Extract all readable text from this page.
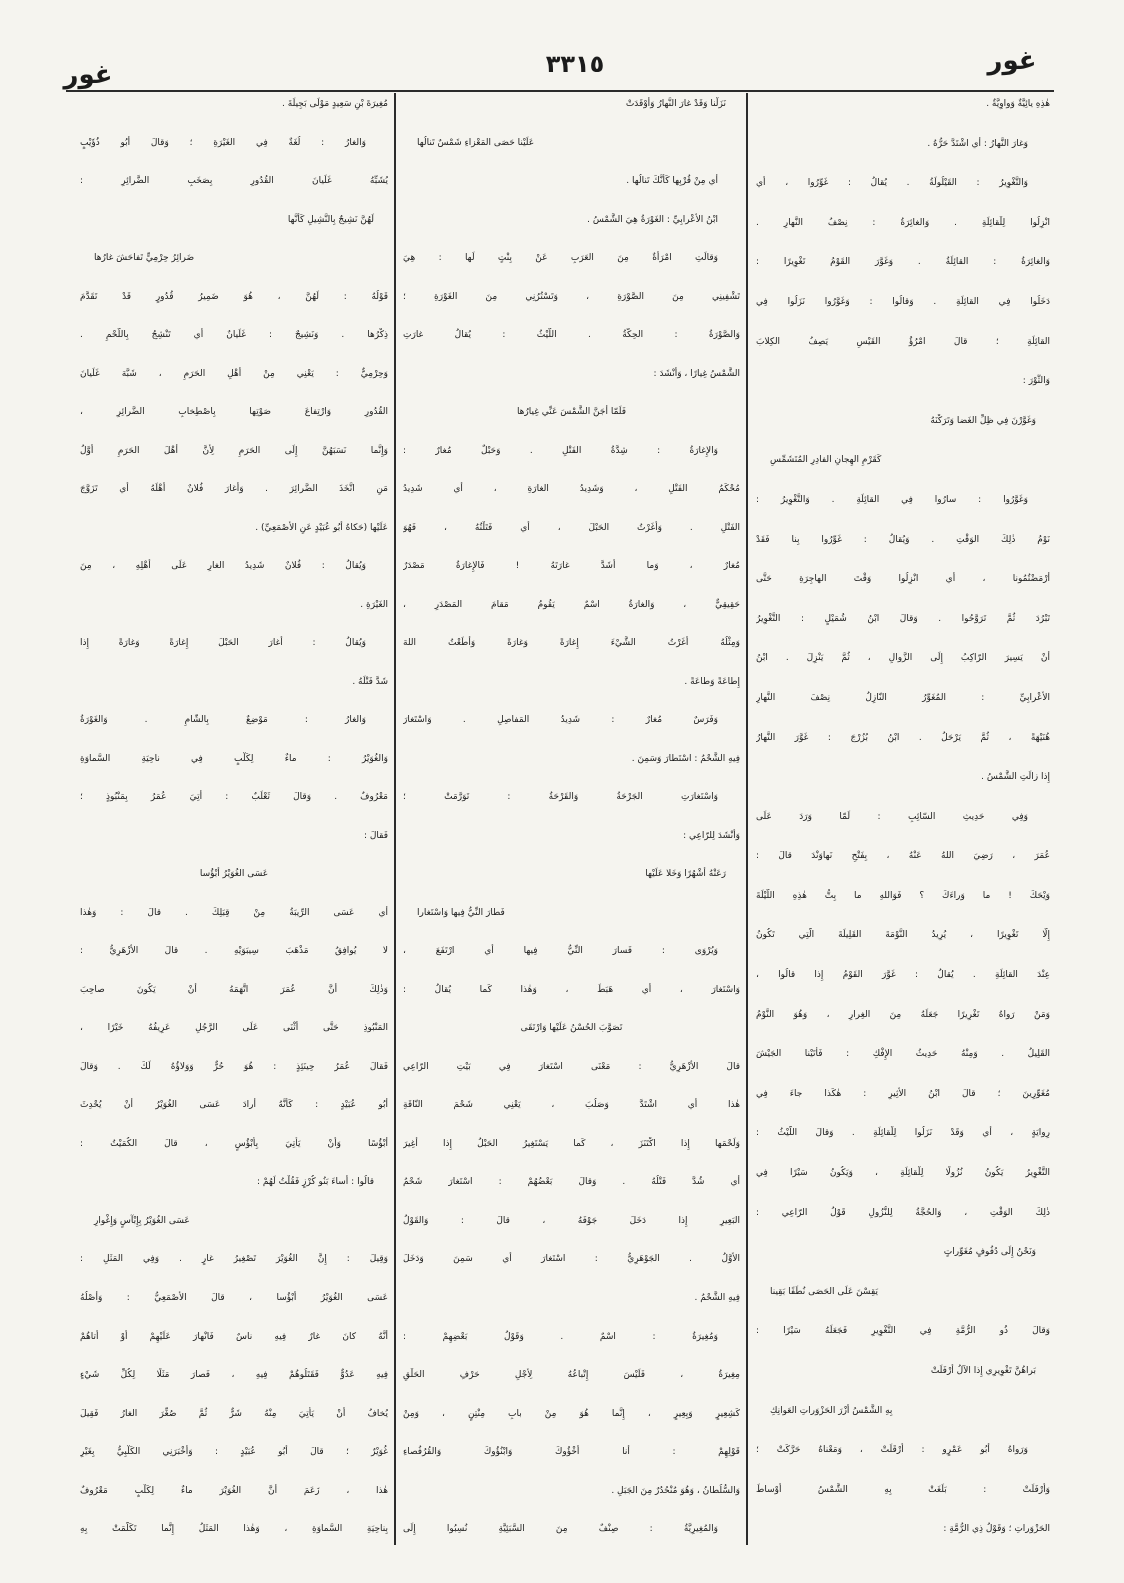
غور
٣٣١٥
غور
هٰذِهِ يائِيَّةٌ وَواوِيَّةٌ .
وَغارَ النَّهارُ : أَي اشْتَدَّ حَرُّهُ .
وَالتَّغْوِيرُ : القَيْلُولَةُ . يُقالُ : غَوِّرُوا ، أَي
انْزِلُوا لِلْقائِلَةِ . وَالغائِرَةُ : نِصْفُ النَّهارِ .
وَالغائِرَةُ : القائِلَةُ . وَغَوَّرَ القَوْمُ تَغْوِيرًا :
دَخَلُوا فِي القائِلَةِ . وَقالُوا : وَغَوَّرُوا نَزَلُوا فِي
القائِلَةِ ؛ قالَ امْرُؤُ القَيْسِ يَصِفُ الكِلابَ
وَالثَّوْرَ :
وَغَوَّرْنَ فِي ظِلِّ الغَضا وَتَرَكْنَهُ
كَقَرْمِ الهِجانِ الفادِرِ المُتَشَمِّسِ
وَغَوَّرُوا : سارُوا فِي القائِلَةِ . وَالتَّغْوِيرُ :
نَوْمُ ذٰلِكَ الوَقْتِ . وَيُقالُ : غَوِّرُوا بِنا فَقَدْ
أَرْمَضْتُمُونا ، أَي انْزِلُوا وَقْتَ الهاجِرَةِ حَتَّى
تَبْرُدَ ثُمَّ تَرَوَّحُوا . وَقالَ ابْنُ شُمَيْلٍ : التَّغْوِيرُ
أَنْ يَسِيرَ الرّاكِبُ إِلَى الزَّوالِ ، ثُمَّ يَنْزِلَ . ابْنُ
الأَعْرابِيِّ : المُغَوِّرُ النّازِلُ نِصْفَ النَّهارِ
هُنَيْهَةً ، ثُمَّ يَرْحَلُ . ابْنُ بُزُرْجَ : غَوَّرَ النَّهارُ
إِذا زالَتِ الشَّمْسُ .
وَفِي حَدِيثِ السّائِبِ : لَمّا وَرَدَ عَلَى
عُمَرَ ، رَضِيَ اللهُ عَنْهُ ، بِفَتْحِ نَهاوَنْدَ قالَ :
وَيْحَكَ ! ما وَراءَكَ ؟ فَوَاللهِ ما بِتُّ هٰذِهِ اللَّيْلَةَ
إِلّا تَغْوِيرًا ، يُرِيدُ النَّوْمَةَ القَلِيلَةَ الَّتِي تَكُونُ
عِنْدَ القائِلَةِ . يُقالُ : غَوَّرَ القَوْمُ إِذا قالُوا ،
وَمَنْ رَواهُ تَغْرِيرًا جَعَلَهُ مِنَ الغِرارِ ، وَهُوَ النَّوْمُ
القَلِيلُ . وَمِنْهُ حَدِيثُ الإِفْكِ : فَأَتَيْنا الجَيْشَ
مُغَوِّرِينَ ؛ قالَ ابْنُ الأَثِيرِ : هٰكَذا جاءَ فِي
رِوايَةٍ ، أَي وَقَدْ نَزَلُوا لِلْقائِلَةِ . وَقالَ اللَّيْثُ :
التَّغْوِيرُ يَكُونُ نُزُولًا لِلْقائِلَةِ ، وَيَكُونُ سَيْرًا فِي
ذٰلِكَ الوَقْتِ ، وَالحُجَّةُ لِلنُّزُولِ قَوْلُ الرّاعِي :
وَنَحْنُ إِلَى دُفُوفٍ مُغَوِّراتٍ
يَقِسْنَ عَلَى الحَصَى نُطَفًا بَقِينا
وَقالَ ذُو الرُّمَّةِ فِي التَّغْوِيرِ فَجَعَلَهُ سَيْرًا :
بَراهُنَّ تَغْوِيرِي إِذا الآلُ أَرْفَلَتْ
بِهِ الشَّمْسُ أُزْرَ الحَزْوَراتِ العَوانِكِ
وَرَواهُ أَبُو عَمْرٍو : أَرْقَلَتْ ، وَمَعْناهُ حَرَّكَتْ ؛
وَأَرْفَلَتْ : بَلَغَتْ بِهِ الشَّمْسُ أَوْساطَ
الحَزْوَراتِ ؛ وَقَوْلُ ذِي الرُّمَّةِ :
نَزَلْنا وَقَدْ غارَ النَّهارُ وَأَوْقَدَتْ
عَلَيْنا حَصَى المَعْزاءِ شَمْسٌ تَنالُها
أَي مِنْ قُرْبِها كَأَنَّكَ تَنالُها .
ابْنُ الأَعْرابِيِّ : الغَوْرَةُ هِيَ الشَّمْسُ .
وَقالَتِ امْرَأَةٌ مِنَ العَرَبِ عَنْ بِنْتٍ لَها : هِيَ
تَشْفِينِي مِنَ الصَّوْرَةِ ، وَتَسْتُرُنِي مِنَ الغَوْرَةِ ؛
وَالصَّوْرَةُ : الحِكَّةُ . اللَّيْثُ : يُقالُ غارَتِ
الشَّمْسُ غِيارًا ، وَأَنْشَدَ :
فَلَمّا أَجَنَّ الشَّمْسَ عَنِّي غِيارُها
وَالإِغارَةُ : شِدَّةُ الفَتْلِ . وَحَبْلٌ مُغارٌ :
مُحْكَمُ الفَتْلِ ، وَشَدِيدُ الغارَةِ ، أَي شَدِيدُ
الفَتْلِ . وَأَغَرْتُ الحَبْلَ ، أَي فَتَلْتُهُ ، فَهُوَ
مُغارٌ ، وَما أَشَدَّ غارَتَهُ ! فَالإِغارَةُ مَصْدَرٌ
حَقِيقِيٌّ ، وَالغارَةُ اسْمٌ يَقُومُ مَقامَ المَصْدَرِ ،
وَمِثْلُهُ أَغَرْتُ الشَّيْءَ إِغارَةً وَغارَةً وَأَطَعْتُ اللهَ
إِطاعَةً وَطاعَةً .
وَفَرَسٌ مُغارٌ : شَدِيدُ المَفاصِلِ . وَاسْتَغارَ
فِيهِ الشَّحْمُ : اسْتَطارَ وَسَمِنَ .
وَاسْتَغارَتِ الجَرْحَةُ وَالقَرْحَةُ : تَوَرَّمَتْ ؛
وَأَنْشَدَ لِلرّاعِي :
رَعَتْهُ أَشْهُرًا وَخَلا عَلَيْها
فَطارَ النِّيُّ فِيها وَاسْتَغارا
وَيُرْوَى : فَسارَ النِّيُّ فِيها أَي ارْتَفَعَ ،
وَاسْتَغارَ ، أَي هَبَطَ ، وَهٰذا كَما يُقالُ :
تَصَوَّبَ الحُسْنُ عَلَيْها وَارْتَقَى
قالَ الأَزْهَرِيُّ : مَعْنَى اسْتَغارَ فِي بَيْتِ الرّاعِي
هٰذا أَي اشْتَدَّ وَصَلُبَ ، يَعْنِي شَحْمَ النّاقَةِ
وَلَحْمَها إِذا اكْتَنَزَ ، كَما يَسْتَغِيرُ الحَبْلُ إِذا أُغِيرَ
أَي شُدَّ فَتْلُهُ . وَقالَ بَعْضُهُمْ : اسْتَغارَ شَحْمُ
البَعِيرِ إِذا دَخَلَ جَوْفَهُ ، قالَ : وَالقَوْلُ
الأَوَّلُ . الجَوْهَرِيُّ : اسْتَغارَ أَي سَمِنَ وَدَخَلَ
فِيهِ الشَّحْمُ .
وَمُغِيرَةُ : اسْمٌ . وَقَوْلُ بَعْضِهِمْ :
مِغِيرَةُ ، فَلَيْسَ إِتْباعُهُ لِأَجْلِ حَرْفِ الحَلْقِ
كَشِعِيرٍ وَبِعِيرٍ ، إِنَّما هُوَ مِنْ بابِ مِنْتِنٍ ، وَمِنْ
قَوْلِهِمْ : أَنا أُخْؤُوكَ وَابْنُؤُوكَ وَالقُرُفُصاءِ
وَالسُّلُطانُ ، وَهُوَ مُنْحُدُرٌ مِنَ الجَبَلِ .
وَالمُغِيرِيَّةُ : صِنْفٌ مِنَ السَّبَئِيَّةِ نُسِبُوا إِلَى
مُغِيرَةَ بْنِ سَعِيدٍ مَوْلَى بَجِيلَةَ .
وَالغارُ : لُغَةٌ فِي الغَيْرَةِ ؛ وَقالَ أَبُو ذُؤَيْبٍ
يُشَبِّهُ غَلَيانَ القُدُورِ بِصَخَبِ الضَّرائِرِ :
لَهُنَّ نَشِيجٌ بِالنَّشِيلِ كَأَنَّها
ضَرائِرُ حِرْمِيٍّ تَفاحَشَ غارُها
قَوْلُهُ : لَهُنَّ ، هُوَ ضَمِيرُ قُدُورٍ قَدْ تَقَدَّمَ
ذِكْرُها . وَنَشِيجٌ : غَلَيانٌ أَي تَنْشِجُ بِاللَّحْمِ .
وَحِرْمِيٌّ : يَعْنِي مِنْ أَهْلِ الحَرَمِ ، شَبَّهَ غَلَيانَ
القُدُورِ وَارْتِفاعَ صَوْتِها بِاصْطِخابِ الضَّرائِرِ ،
وَإِنَّما نَسَبَهُنَّ إِلَى الحَرَمِ لِأَنَّ أَهْلَ الحَرَمِ أَوَّلُ
مَنِ اتَّخَذَ الضَّرائِرَ . وَأَغارَ فُلانٌ أَهْلَهُ أَي تَزَوَّجَ
عَلَيْها (حَكاهُ أَبُو عُبَيْدٍ عَنِ الأَصْمَعِيِّ) .
وَيُقالُ : فُلانٌ شَدِيدُ الغارِ عَلَى أَهْلِهِ ، مِنَ
الغَيْرَةِ .
وَيُقالُ : أَغارَ الحَبْلَ إِغارَةً وَغارَةً إِذا
شَدَّ فَتْلَهُ .
وَالغارُ : مَوْضِعٌ بِالشّامِ . وَالغَوْرَةُ
وَالغُوَيْرُ : ماءٌ لِكَلْبٍ فِي ناحِيَةِ السَّماوَةِ
مَعْرُوفٌ . وَقالَ ثَعْلَبٌ : أُتِيَ عُمَرُ بِمَنْبُوذٍ ؛
فَقالَ :
عَسَى الغُوَيْرُ أَبْؤُسا
أَي عَسَى الرِّيبَةُ مِنْ قِبَلِكَ . قالَ : وَهٰذا
لا يُوافِقُ مَذْهَبَ سِيبَوَيْهِ . قالَ الأَزْهَرِيُّ :
وَذٰلِكَ أَنَّ عُمَرَ اتَّهَمَهُ أَنْ يَكُونَ صاحِبَ
المَنْبُوذِ حَتَّى أَثْنَى عَلَى الرَّجُلِ عَرِيفُهُ خَيْرًا ،
فَقالَ عُمَرُ حِينَئِذٍ : هُوَ حُرٌّ وَوَلاؤُهُ لَكَ . وَقالَ
أَبُو عُبَيْدٍ : كَأَنَّهُ أَرادَ عَسَى الغُوَيْرُ أَنْ يُحْدِثَ
أَبْؤُسًا وَأَنْ يَأْتِيَ بِأَبْؤُسٍ ، قالَ الكُمَيْتُ :
قالُوا : أَساءَ بَنُو كُرْزٍ فَقُلْتُ لَهُمْ :
عَسَى الغُوَيْرُ بِإِبْآسٍ وَإِغْوارِ
وَقِيلَ : إِنَّ الغُوَيْرَ تَصْغِيرُ غارٍ . وَفِي المَثَلِ :
عَسَى الغُوَيْرُ أَبْؤُسا ، قالَ الأَصْمَعِيُّ : وَأَصْلُهُ
أَنَّهُ كانَ غارٌ فِيهِ ناسٌ فَانْهارَ عَلَيْهِمْ أَوْ أَتاهُمْ
فِيهِ عَدُوٌّ فَقَتَلُوهُمْ فِيهِ ، فَصارَ مَثَلًا لِكُلِّ شَيْءٍ
يُخافُ أَنْ يَأْتِيَ مِنْهُ شَرٌّ ثُمَّ صُغِّرَ الغارُ فَقِيلَ
غُوَيْرٌ ؛ قالَ أَبُو عُبَيْدٍ : وَأَخْبَرَنِي الكَلْبِيُّ بِغَيْرِ
هٰذا ، زَعَمَ أَنَّ الغُوَيْرَ ماءٌ لِكَلْبٍ مَعْرُوفٌ
بِناحِيَةِ السَّماوَةِ ، وَهٰذا المَثَلُ إِنَّما تَكَلَّمَتْ بِهِ
